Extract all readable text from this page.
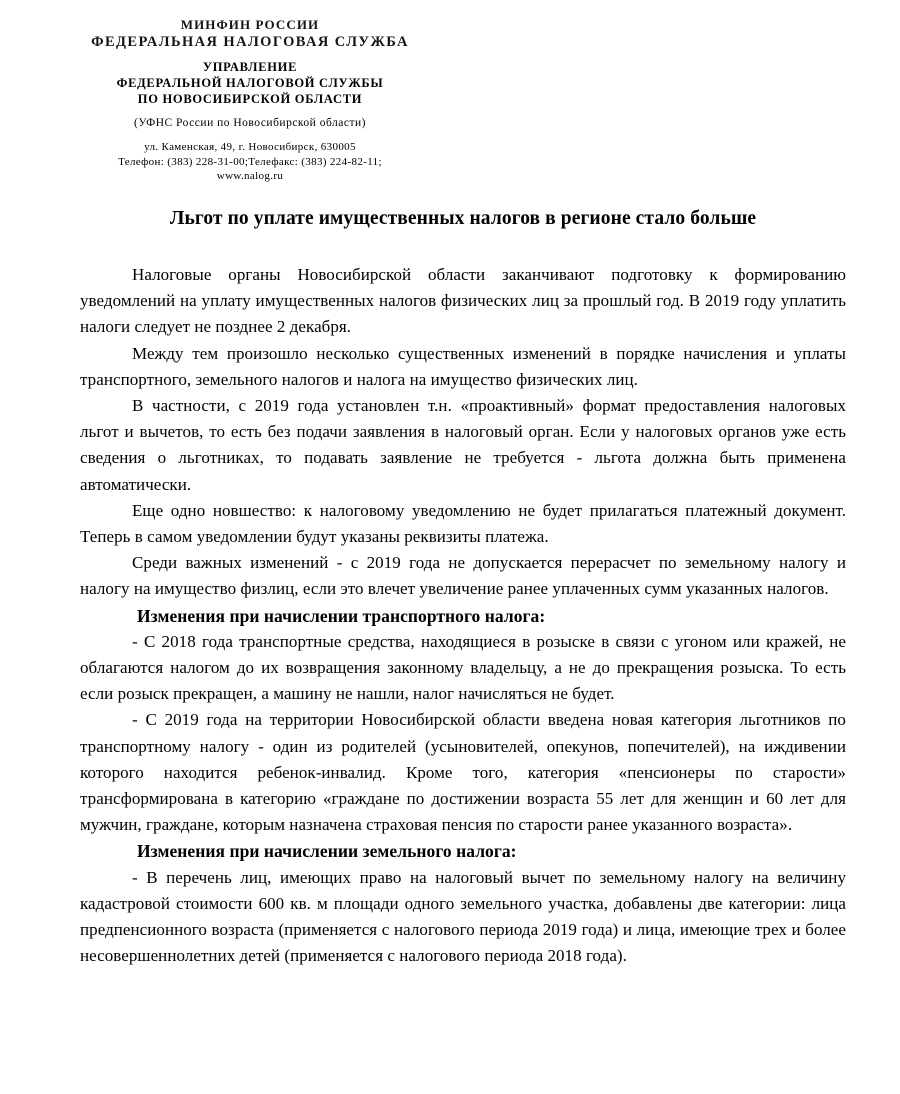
МИНФИН РОССИИ
ФЕДЕРАЛЬНАЯ НАЛОГОВАЯ СЛУЖБА
УПРАВЛЕНИЕ
ФЕДЕРАЛЬНОЙ НАЛОГОВОЙ СЛУЖБЫ
ПО НОВОСИБИРСКОЙ ОБЛАСТИ
(УФНС России по Новосибирской области)
ул. Каменская, 49, г. Новосибирск, 630005
Телефон: (383) 228-31-00;Телефакс: (383) 224-82-11;
www.nalog.ru
Льгот по уплате имущественных налогов в регионе стало больше

Налоговые органы Новосибирской области заканчивают подготовку к формированию уведомлений на уплату имущественных налогов физических лиц за прошлый год. В 2019 году уплатить налоги следует не позднее 2 декабря.

Между тем произошло несколько существенных изменений в порядке начисления и уплаты транспортного, земельного налогов и налога на имущество физических лиц.

В частности, с 2019 года установлен т.н. «проактивный» формат предоставления налоговых льгот и вычетов, то есть без подачи заявления в налоговый орган. Если у налоговых органов уже есть сведения о льготниках, то подавать заявление не требуется - льгота должна быть применена автоматически.

Еще одно новшество: к налоговому уведомлению не будет прилагаться платежный документ. Теперь в самом уведомлении будут указаны реквизиты платежа.

Среди важных изменений - с 2019 года не допускается перерасчет по земельному налогу и налогу на имущество физлиц, если это влечет увеличение ранее уплаченных сумм указанных налогов.

Изменения при начислении транспортного налога:

- С 2018 года транспортные средства, находящиеся в розыске в связи с угоном или кражей, не облагаются налогом до их возвращения законному владельцу, а не до прекращения розыска. То есть если розыск прекращен, а машину не нашли, налог начисляться не будет.

- С 2019 года на территории Новосибирской области введена новая категория льготников по транспортному налогу - один из родителей (усыновителей, опекунов, попечителей), на иждивении которого находится ребенок-инвалид. Кроме того, категория «пенсионеры по старости» трансформирована в категорию «граждане по достижении возраста 55 лет для женщин и 60 лет для мужчин, граждане, которым назначена страховая пенсия по старости ранее указанного возраста».

Изменения при начислении земельного налога:

- В перечень лиц, имеющих право на налоговый вычет по земельному налогу на величину кадастровой стоимости 600 кв. м площади одного земельного участка, добавлены две категории: лица предпенсионного возраста (применяется с налогового периода 2019 года) и лица, имеющие трех и более несовершеннолетних детей (применяется с налогового периода 2018 года).
